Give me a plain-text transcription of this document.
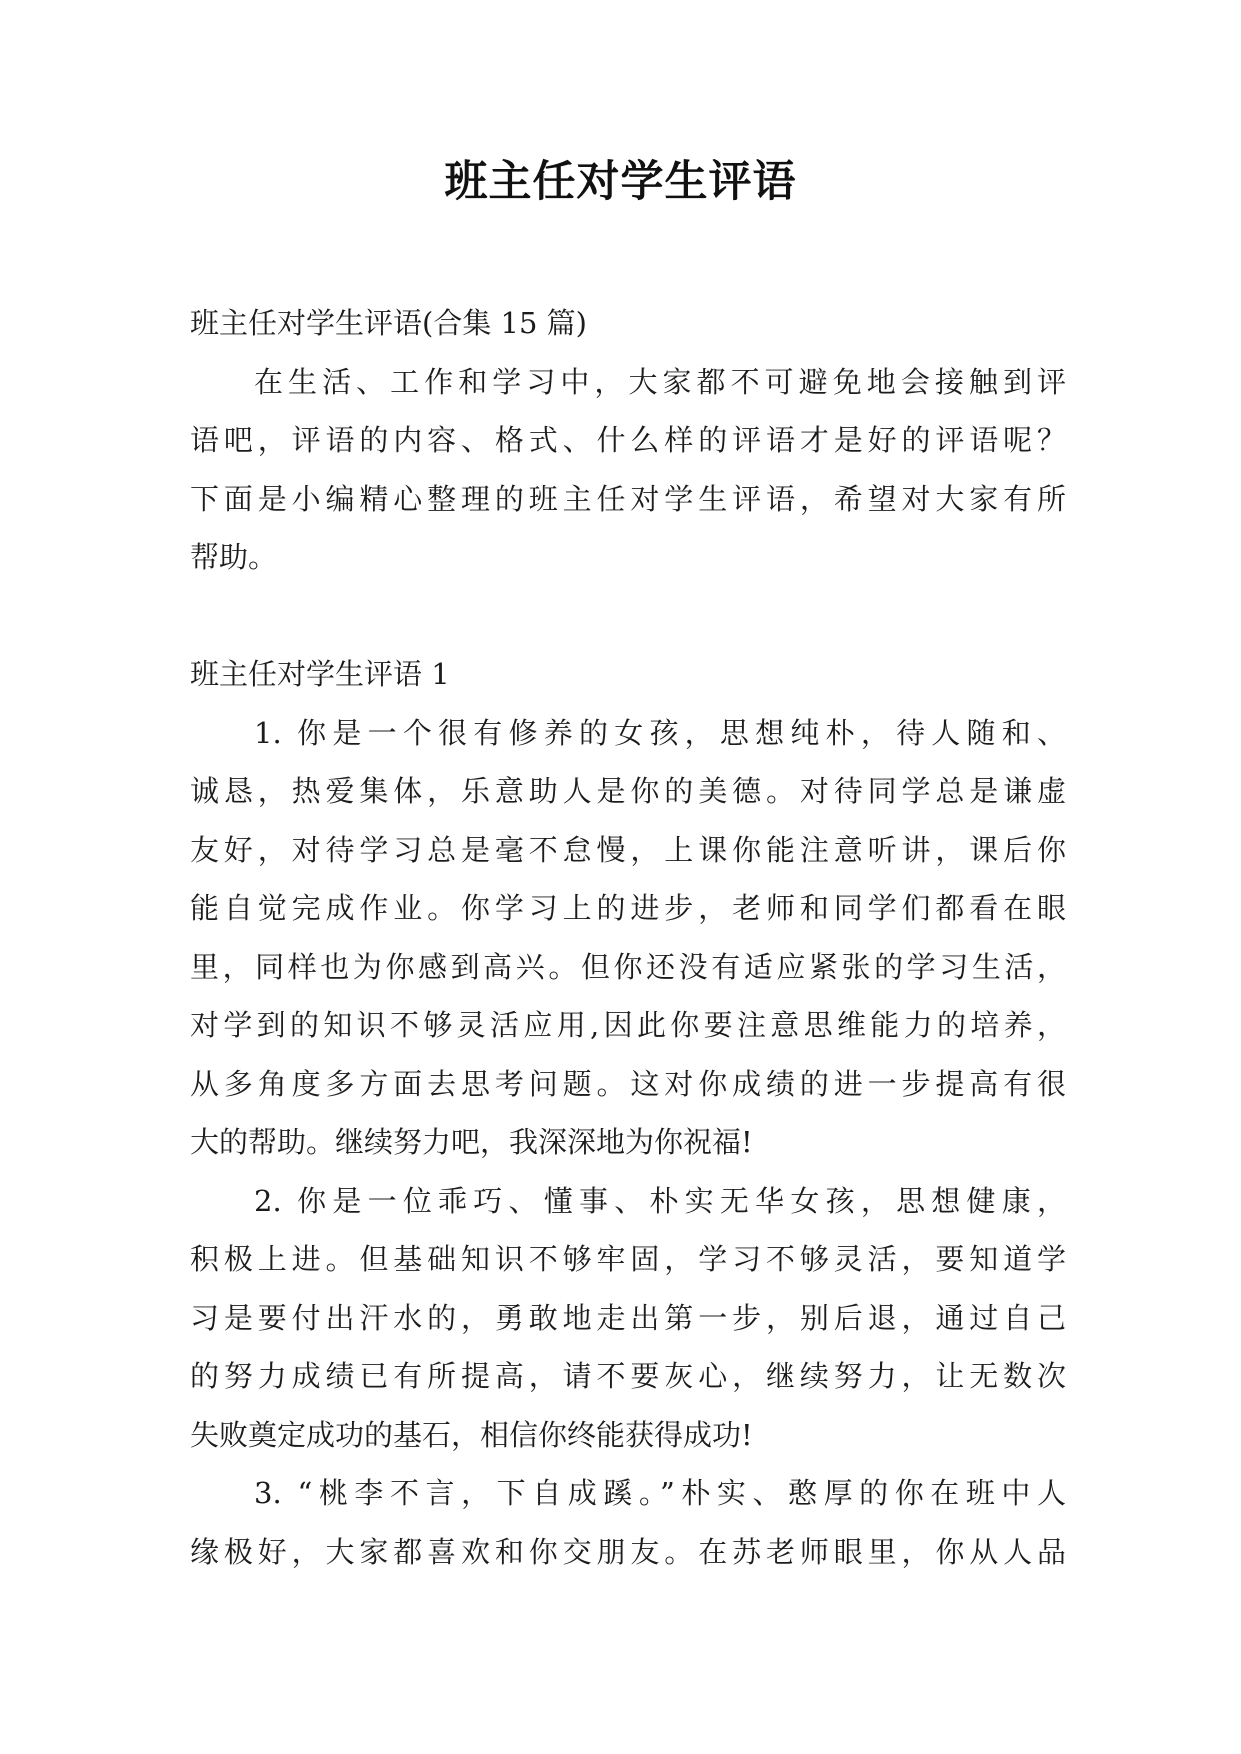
班主任对学生评语
班主任对学生评语(合集 15 篇)
在生活、工作和学习中，大家都不可避免地会接触到评
语吧，评语的内容、格式、什么样的评语才是好的评语呢？
下面是小编精心整理的班主任对学生评语，希望对大家有所
帮助。
班主任对学生评语 1
1. 你是一个很有修养的女孩，思想纯朴，待人随和、
诚恳，热爱集体，乐意助人是你的美德。对待同学总是谦虚
友好，对待学习总是毫不怠慢，上课你能注意听讲，课后你
能自觉完成作业。你学习上的进步，老师和同学们都看在眼
里，同样也为你感到高兴。但你还没有适应紧张的学习生活，
对学到的知识不够灵活应用,因此你要注意思维能力的培养，
从多角度多方面去思考问题。这对你成绩的进一步提高有很
大的帮助。继续努力吧，我深深地为你祝福!
2. 你是一位乖巧、懂事、朴实无华女孩，思想健康，
积极上进。但基础知识不够牢固，学习不够灵活，要知道学
习是要付出汗水的，勇敢地走出第一步，别后退，通过自己
的努力成绩已有所提高，请不要灰心，继续努力，让无数次
失败奠定成功的基石，相信你终能获得成功!
3. “桃李不言，下自成蹊。”朴实、憨厚的你在班中人
缘极好，大家都喜欢和你交朋友。在苏老师眼里，你从人品
